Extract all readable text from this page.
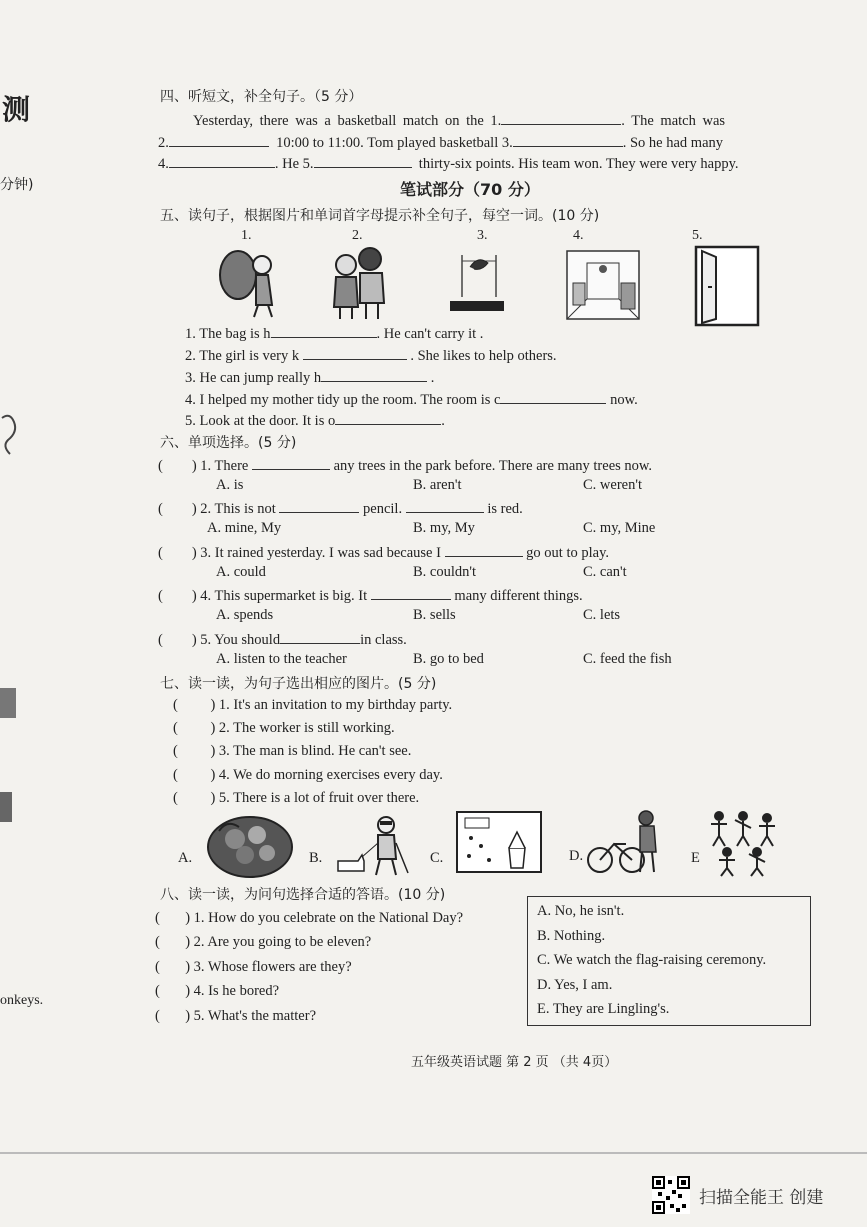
测
分钟)
onkeys.
四、听短文，补全句子。（5 分）
Yesterday, there was a basketball match on the 1.	. The match was
2.	10:00 to 11:00. Tom played basketball 3.	. So he had many
4.	. He 5.	thirty-six points. His team won. They were very happy.
笔试部分（70 分）
五、读句子，根据图片和单词首字母提示补全句子，每空一词。(10 分)
1.	2.	3.	4.	5.
1. The bag is h	. He can't carry it .
2. The girl is very k	. She likes to help others.
3. He can jump really h	.
4. I helped my mother tidy up the room. The room is c	now.
5. Look at the door. It is o	.
六、单项选择。(5 分)
( ) 1. There	any trees in the park before. There are many trees now.
A. is	B. aren't	C. weren't
( ) 2. This is not	pencil.	is red.
A. mine, My	B. my, My	C. my, Mine
( ) 3. It rained yesterday. I was sad because I	go out to play.
A. could	B. couldn't	C. can't
( ) 4. This supermarket is big. It	many different things.
A. spends	B. sells	C. lets
( ) 5. You should	in class.
A. listen to the teacher	B. go to bed	C. feed the fish
七、读一读，为句子选出相应的图片。(5 分)
( ) 1. It's an invitation to my birthday party.
( ) 2. The worker is still working.
( ) 3. The man is blind. He can't see.
( ) 4. We do morning exercises every day.
( ) 5. There is a lot of fruit over there.
A.	B.	C.	D.	E
八、读一读，为问句选择合适的答语。(10 分)
( ) 1. How do you celebrate on the National Day?
( ) 2. Are you going to be eleven?
( ) 3. Whose flowers are they?
( ) 4. Is he bored?
( ) 5. What's the matter?
A. No, he isn't.
B. Nothing.
C. We watch the flag-raising ceremony.
D. Yes, I am.
E. They are Lingling's.
五年级英语试题 第 2 页 （共 4页）
扫描全能王 创建
